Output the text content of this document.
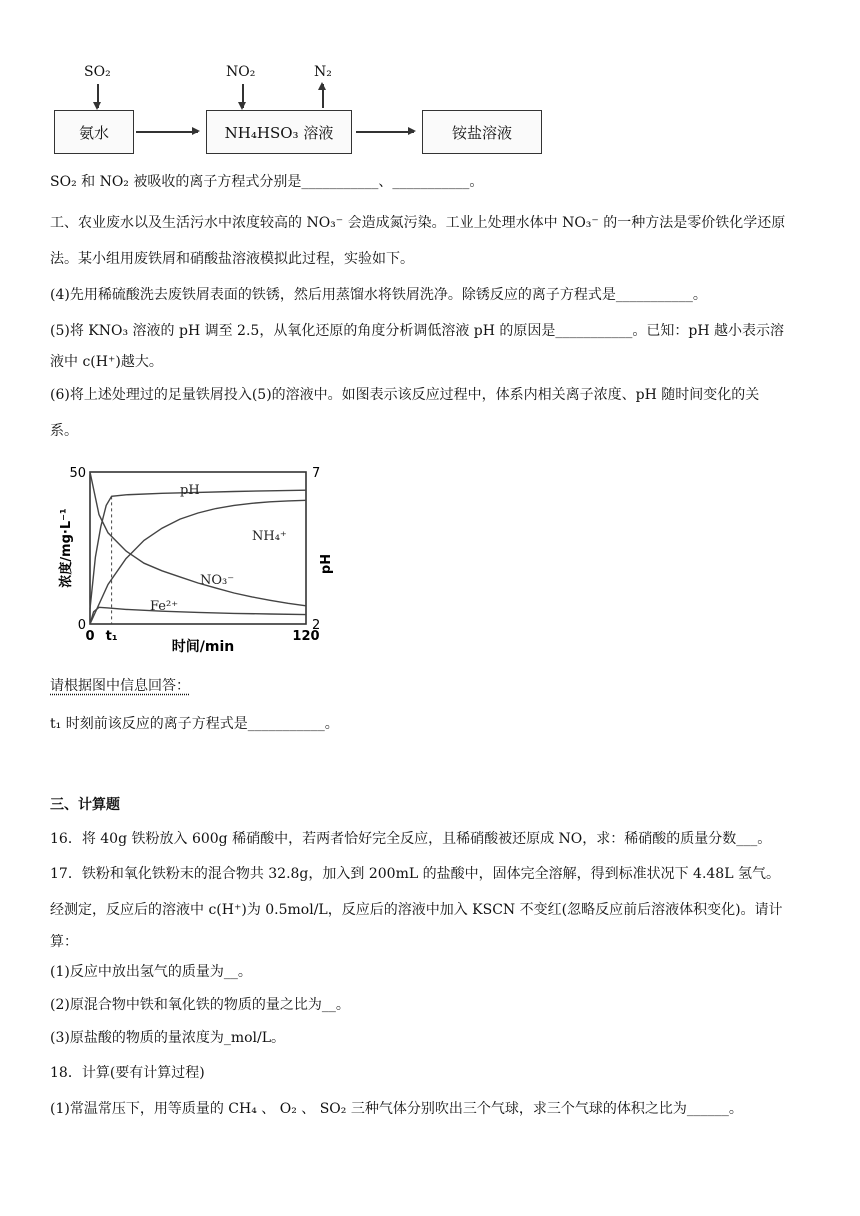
SO₂	NO₂	N₂
氨水	NH₄HSO₃ 溶液	铵盐溶液
SO₂ 和 NO₂ 被吸收的离子方程式分别是___________、___________。
工、农业废水以及生活污水中浓度较高的 NO₃⁻ 会造成氮污染。工业上处理水体中 NO₃⁻ 的一种方法是零价铁化学还原
法。某小组用废铁屑和硝酸盐溶液模拟此过程，实验如下。
(4)先用稀硫酸洗去废铁屑表面的铁锈，然后用蒸馏水将铁屑洗净。除锈反应的离子方程式是___________。
(5)将 KNO₃ 溶液的 pH 调至 2.5，从氧化还原的角度分析调低溶液 pH 的原因是___________。已知：pH 越小表示溶
液中 c(H⁺)越大。
(6)将上述处理过的足量铁屑投入(5)的溶液中。如图表示该反应过程中，体系内相关离子浓度、pH 随时间变化的关
系。
pH
NH₄⁺
NO₃⁻
Fe²⁺
0 t₁	120
0
50
2
7
时间/min
浓度/mg·L⁻¹	pH
请根据图中信息回答：
t₁ 时刻前该反应的离子方程式是___________。
三、计算题
16．将 40g 铁粉放入 600g 稀硝酸中，若两者恰好完全反应，且稀硝酸被还原成 NO，求：稀硝酸的质量分数___。
17．铁粉和氧化铁粉末的混合物共 32.8g，加入到 200mL 的盐酸中，固体完全溶解，得到标准状况下 4.48L 氢气。
经测定，反应后的溶液中 c(H⁺)为 0.5mol/L，反应后的溶液中加入 KSCN 不变红(忽略反应前后溶液体积变化)。请计
算：
(1)反应中放出氢气的质量为__。
(2)原混合物中铁和氧化铁的物质的量之比为__。
(3)原盐酸的物质的量浓度为_mol/L。
18．计算(要有计算过程)
(1)常温常压下，用等质量的 CH₄ 、 O₂ 、 SO₂ 三种气体分别吹出三个气球，求三个气球的体积之比为______。
